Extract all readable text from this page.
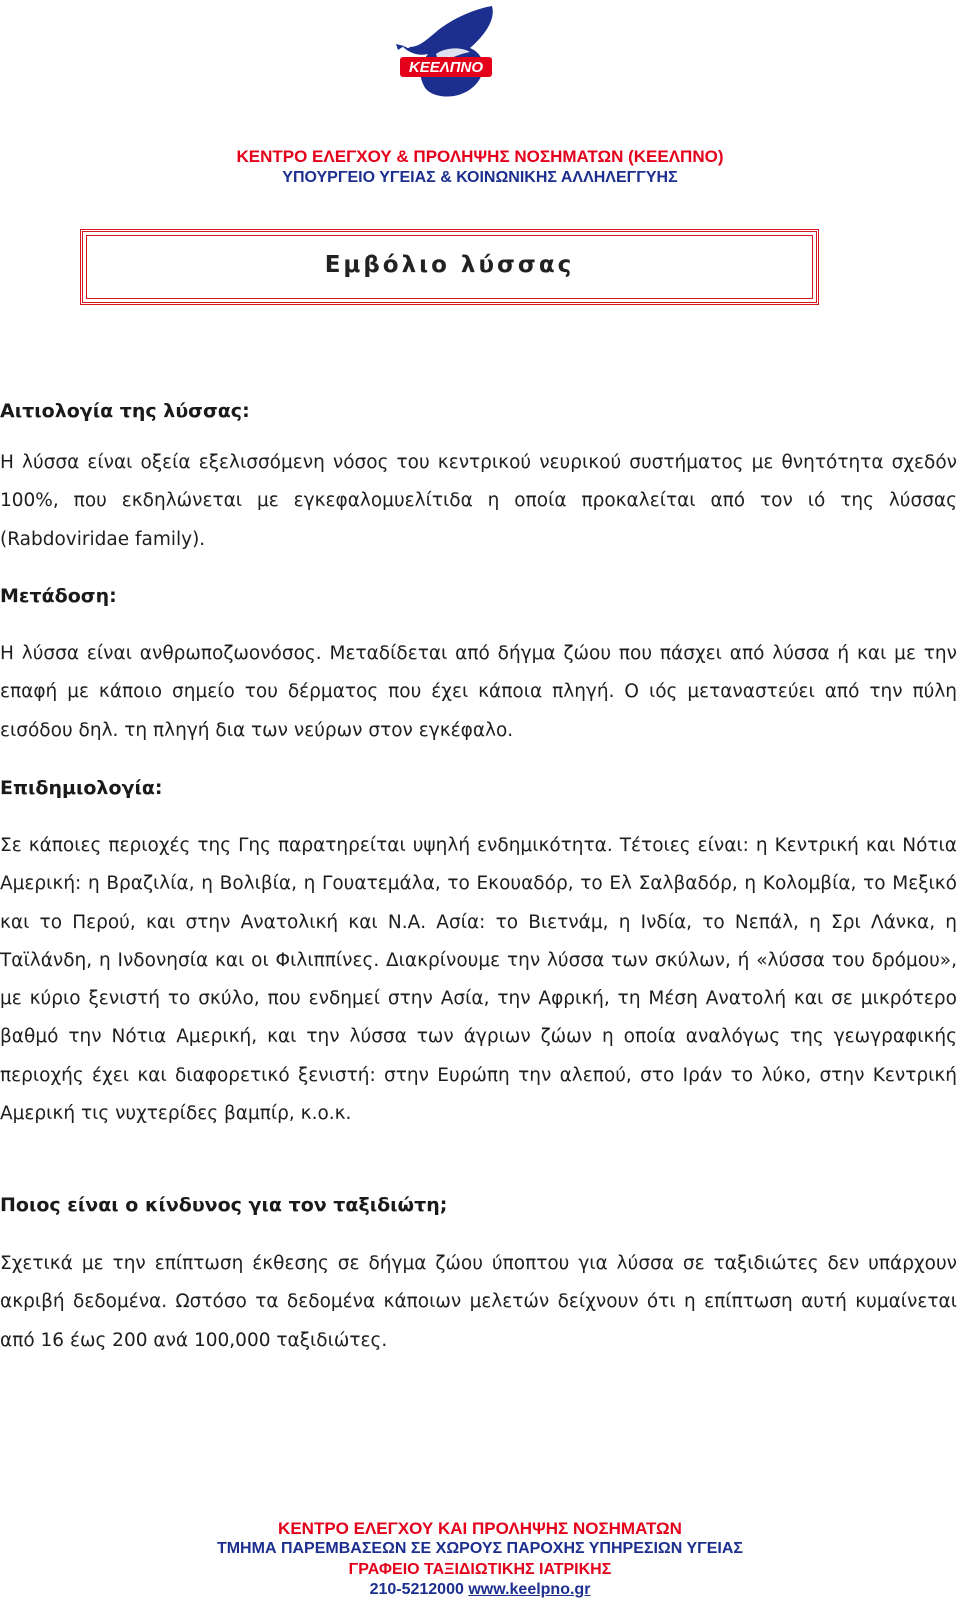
ΚΕΕΛΠΝΟ
ΚΕΝΤΡΟ ΕΛΕΓΧΟΥ & ΠΡΟΛΗΨΗΣ ΝΟΣΗΜΑΤΩΝ (ΚΕΕΛΠΝΟ)
ΥΠΟΥΡΓΕΙΟ ΥΓΕΙΑΣ & ΚΟΙΝΩΝΙΚΗΣ ΑΛΛΗΛΕΓΓΥΗΣ
Εμβόλιο λύσσας
Αιτιολογία της λύσσας:
Η λύσσα είναι οξεία εξελισσόμενη νόσος του κεντρικού νευρικού συστήματος με θνητότητα σχεδόν 100%, που εκδηλώνεται με εγκεφαλομυελίτιδα η οποία προκαλείται από τον ιό της λύσσας (Rabdoviridae family).
Μετάδοση:
Η λύσσα είναι ανθρωποζωονόσος. Μεταδίδεται από δήγμα ζώου που πάσχει από λύσσα ή και με την επαφή με κάποιο σημείο του δέρματος που έχει κάποια πληγή. Ο ιός μεταναστεύει από την πύλη εισόδου δηλ. τη πληγή δια των νεύρων στον εγκέφαλο.
Επιδημιολογία:
Σε κάποιες περιοχές της Γης παρατηρείται υψηλή ενδημικότητα. Τέτοιες είναι: η Κεντρική και Νότια Αμερική: η Βραζιλία, η Βολιβία, η Γουατεμάλα, το Εκουαδόρ, το Ελ Σαλβαδόρ, η Κολομβία, το Μεξικό και το Περού, και στην Ανατολική και Ν.Α. Ασία: το Βιετνάμ, η Ινδία, το Νεπάλ, η Σρι Λάνκα, η Ταϊλάνδη, η Ινδονησία και οι Φιλιππίνες. Διακρίνουμε την λύσσα των σκύλων, ή «λύσσα του δρόμου», με κύριο ξενιστή το σκύλο, που ενδημεί στην Ασία, την Αφρική, τη Μέση Ανατολή και σε μικρότερο βαθμό την Νότια Αμερική, και την λύσσα των άγριων ζώων η οποία αναλόγως της γεωγραφικής περιοχής έχει και διαφορετικό ξενιστή: στην Ευρώπη την αλεπού, στο Ιράν το λύκο, στην Κεντρική Αμερική τις νυχτερίδες βαμπίρ, κ.ο.κ.
Ποιος είναι ο κίνδυνος για τον ταξιδιώτη;
Σχετικά με την επίπτωση έκθεσης σε δήγμα ζώου ύποπτου για λύσσα σε ταξιδιώτες δεν υπάρχουν ακριβή δεδομένα. Ωστόσο τα δεδομένα κάποιων μελετών δείχνουν ότι η επίπτωση αυτή κυμαίνεται από 16 έως 200 ανά 100,000 ταξιδιώτες.
ΚΕΝΤΡΟ ΕΛΕΓΧΟΥ ΚΑΙ ΠΡΟΛΗΨΗΣ ΝΟΣΗΜΑΤΩΝ
ΤΜΗΜΑ ΠΑΡΕΜΒΑΣΕΩΝ ΣΕ ΧΩΡΟΥΣ ΠΑΡΟΧΗΣ ΥΠΗΡΕΣΙΩΝ ΥΓΕΙΑΣ
ΓΡΑΦΕΙΟ ΤΑΞΙΔΙΩΤΙΚΗΣ ΙΑΤΡΙΚΗΣ
210-5212000 www.keelpno.gr
